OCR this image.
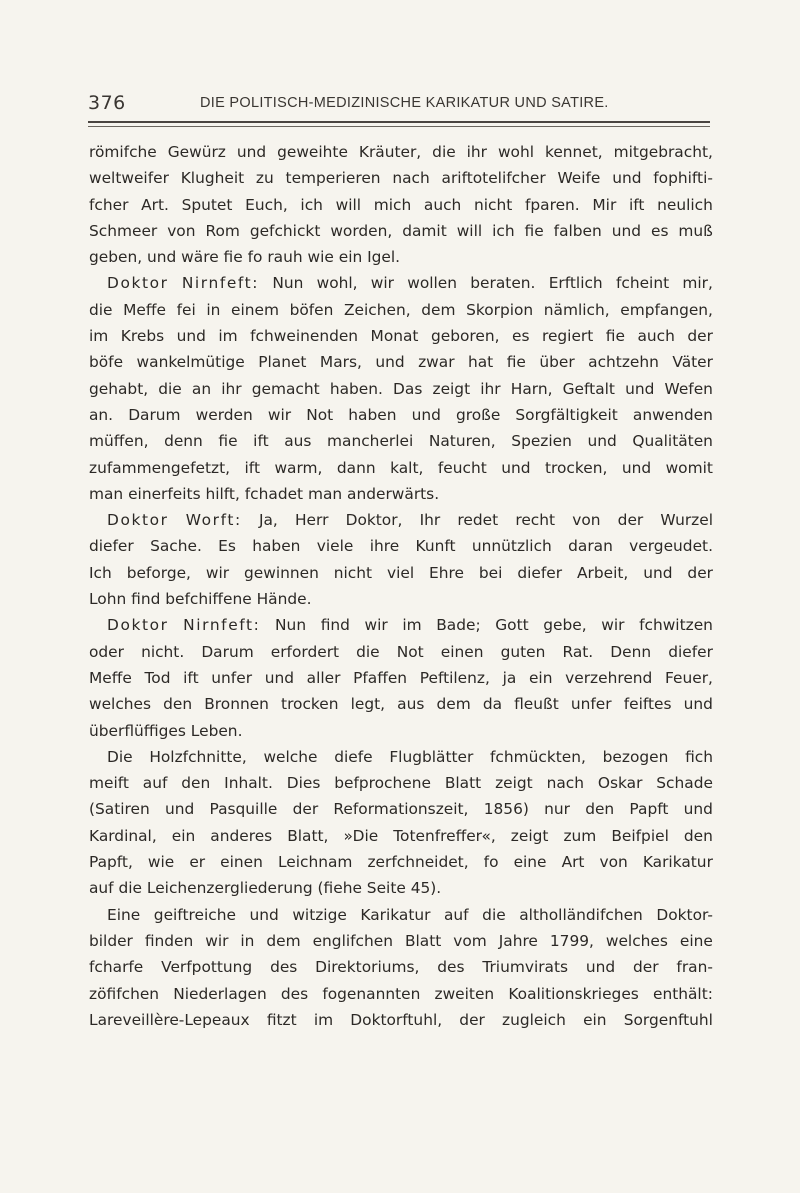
376	DIE POLITISCH-MEDIZINISCHE KARIKATUR UND SATIRE.
römifche Gewürz und geweihte Kräuter, die ihr wohl kennet, mitgebracht,
weltweifer Klugheit zu temperieren nach ariftotelifcher Weife und fophifti-
fcher Art. Sputet Euch, ich will mich auch nicht fparen. Mir ift neulich
Schmeer von Rom gefchickt worden, damit will ich fie falben und es muß
geben, und wäre fie fo rauh wie ein Igel.
Doktor Nirnfeft: Nun wohl, wir wollen beraten. Erftlich fcheint mir,
die Meffe fei in einem böfen Zeichen, dem Skorpion nämlich, empfangen,
im Krebs und im fchweinenden Monat geboren, es regiert fie auch der
böfe wankelmütige Planet Mars, und zwar hat fie über achtzehn Väter
gehabt, die an ihr gemacht haben. Das zeigt ihr Harn, Geftalt und Wefen
an. Darum werden wir Not haben und große Sorgfältigkeit anwenden
müffen, denn fie ift aus mancherlei Naturen, Spezien und Qualitäten
zufammengefetzt, ift warm, dann kalt, feucht und trocken, und womit
man einerfeits hilft, fchadet man anderwärts.
Doktor Worft: Ja, Herr Doktor, Ihr redet recht von der Wurzel
diefer Sache. Es haben viele ihre Kunft unnützlich daran vergeudet.
Ich beforge, wir gewinnen nicht viel Ehre bei diefer Arbeit, und der
Lohn find befchiffene Hände.
Doktor Nirnfeft: Nun find wir im Bade; Gott gebe, wir fchwitzen
oder nicht. Darum erfordert die Not einen guten Rat. Denn diefer
Meffe Tod ift unfer und aller Pfaffen Peftilenz, ja ein verzehrend Feuer,
welches den Bronnen trocken legt, aus dem da fleußt unfer feiftes und
überflüffiges Leben.
Die Holzfchnitte, welche diefe Flugblätter fchmückten, bezogen fich
meift auf den Inhalt. Dies befprochene Blatt zeigt nach Oskar Schade
(Satiren und Pasquille der Reformationszeit, 1856) nur den Papft und
Kardinal, ein anderes Blatt, »Die Totenfreffer«, zeigt zum Beifpiel den
Papft, wie er einen Leichnam zerfchneidet, fo eine Art von Karikatur
auf die Leichenzergliederung (fiehe Seite 45).
Eine geiftreiche und witzige Karikatur auf die altholländifchen Doktor-
bilder finden wir in dem englifchen Blatt vom Jahre 1799, welches eine
fcharfe Verfpottung des Direktoriums, des Triumvirats und der fran-
zöfifchen Niederlagen des fogenannten zweiten Koalitionskrieges enthält:
Lareveillère-Lepeaux fitzt im Doktorftuhl, der zugleich ein Sorgenftuhl
